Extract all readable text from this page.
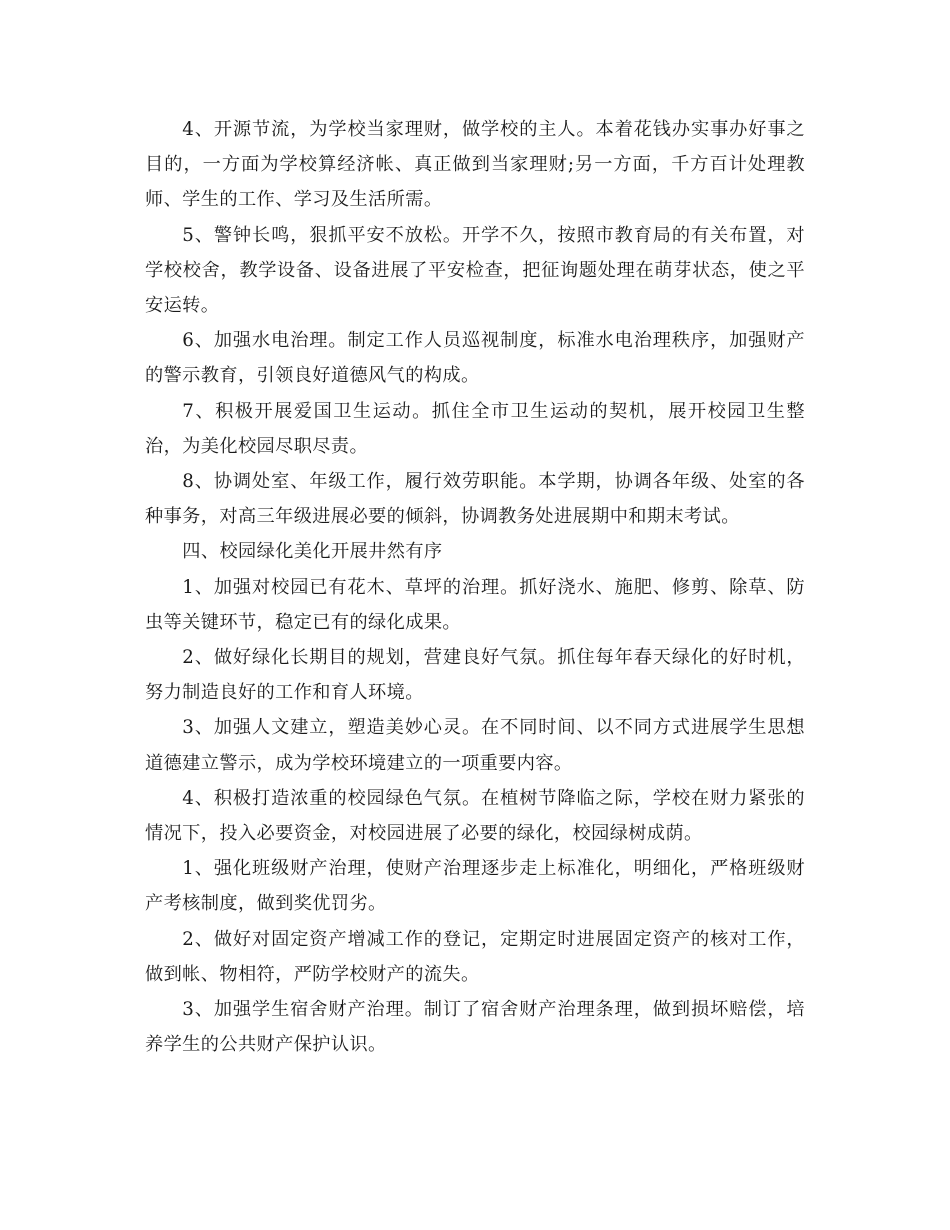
4、开源节流，为学校当家理财，做学校的主人。本着花钱办实事办好事之目的，一方面为学校算经济帐、真正做到当家理财;另一方面，千方百计处理教师、学生的工作、学习及生活所需。

5、警钟长鸣，狠抓平安不放松。开学不久，按照市教育局的有关布置，对学校校舍，教学设备、设备进展了平安检查，把征询题处理在萌芽状态，使之平安运转。

6、加强水电治理。制定工作人员巡视制度，标准水电治理秩序，加强财产的警示教育，引领良好道德风气的构成。

7、积极开展爱国卫生运动。抓住全市卫生运动的契机，展开校园卫生整治，为美化校园尽职尽责。

8、协调处室、年级工作，履行效劳职能。本学期，协调各年级、处室的各种事务，对高三年级进展必要的倾斜，协调教务处进展期中和期末考试。

四、校园绿化美化开展井然有序

1、加强对校园已有花木、草坪的治理。抓好浇水、施肥、修剪、除草、防虫等关键环节，稳定已有的绿化成果。

2、做好绿化长期目的规划，营建良好气氛。抓住每年春天绿化的好时机，努力制造良好的工作和育人环境。

3、加强人文建立，塑造美妙心灵。在不同时间、以不同方式进展学生思想道德建立警示，成为学校环境建立的一项重要内容。

4、积极打造浓重的校园绿色气氛。在植树节降临之际，学校在财力紧张的情况下，投入必要资金，对校园进展了必要的绿化，校园绿树成荫。

1、强化班级财产治理，使财产治理逐步走上标准化，明细化，严格班级财产考核制度，做到奖优罚劣。

2、做好对固定资产增减工作的登记，定期定时进展固定资产的核对工作，做到帐、物相符，严防学校财产的流失。

3、加强学生宿舍财产治理。制订了宿舍财产治理条理，做到损坏赔偿，培养学生的公共财产保护认识。
